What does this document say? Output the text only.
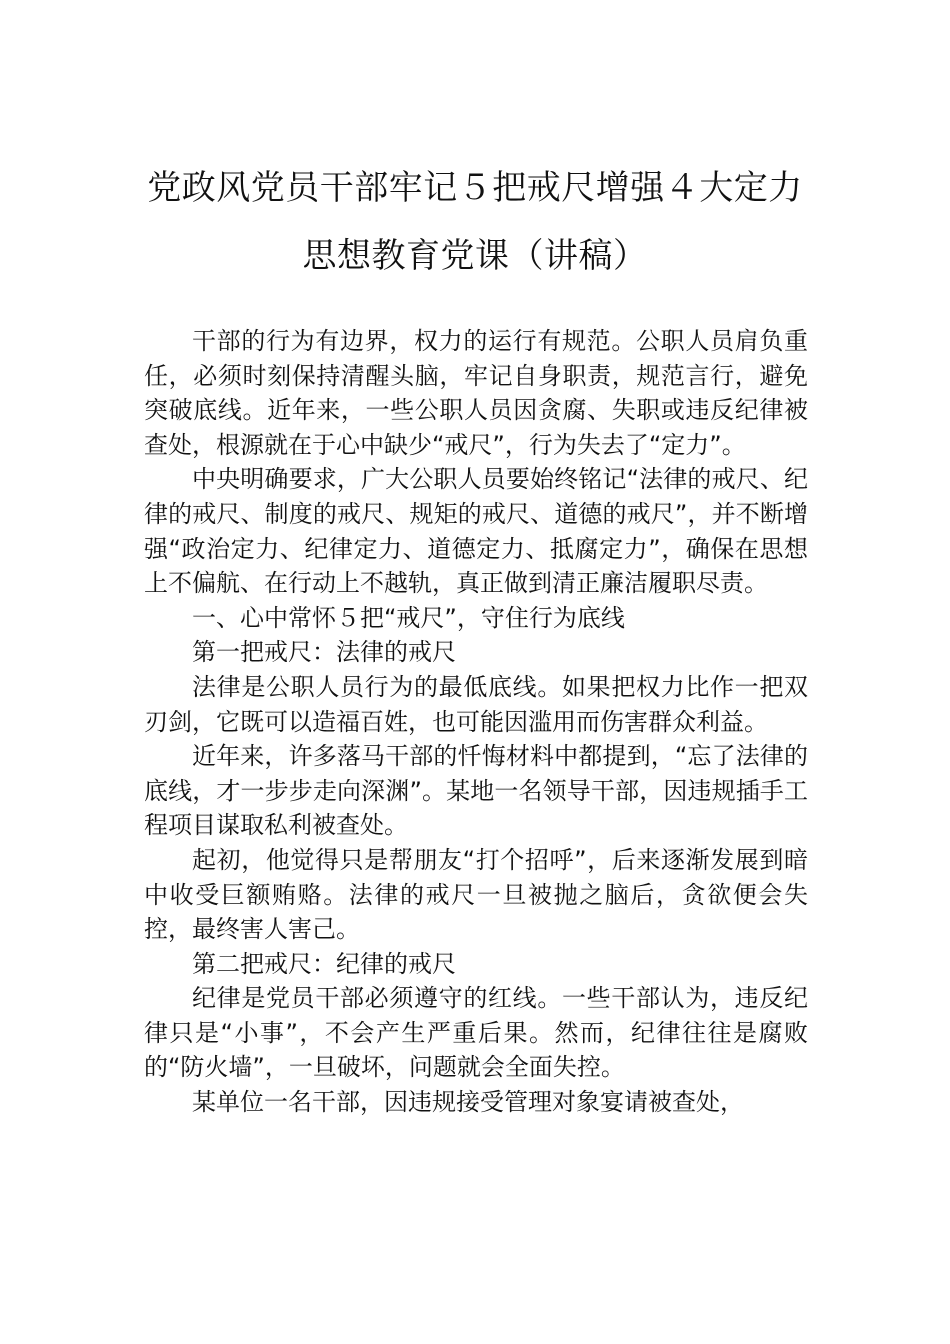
党政风党员干部牢记５把戒尺增强４大定力
思想教育党课（讲稿）

干部的行为有边界，权力的运行有规范。公职人员肩负重任，必须时刻保持清醒头脑，牢记自身职责，规范言行，避免突破底线。近年来，一些公职人员因贪腐、失职或违反纪律被查处，根源就在于心中缺少“戒尺”，行为失去了“定力”。

中央明确要求，广大公职人员要始终铭记“法律的戒尺、纪律的戒尺、制度的戒尺、规矩的戒尺、道德的戒尺”，并不断增强“政治定力、纪律定力、道德定力、抵腐定力”，确保在思想上不偏航、在行动上不越轨，真正做到清正廉洁履职尽责。

一、心中常怀５把“戒尺”，守住行为底线

第一把戒尺：法律的戒尺

法律是公职人员行为的最低底线。如果把权力比作一把双刃剑，它既可以造福百姓，也可能因滥用而伤害群众利益。

近年来，许多落马干部的忏悔材料中都提到，“忘了法律的底线，才一步步走向深渊”。某地一名领导干部，因违规插手工程项目谋取私利被查处。

起初，他觉得只是帮朋友“打个招呼”，后来逐渐发展到暗中收受巨额贿赂。法律的戒尺一旦被抛之脑后，贪欲便会失控，最终害人害己。

第二把戒尺：纪律的戒尺

纪律是党员干部必须遵守的红线。一些干部认为，违反纪律只是“小事”，不会产生严重后果。然而，纪律往往是腐败的“防火墙”，一旦破坏，问题就会全面失控。

某单位一名干部，因违规接受管理对象宴请被查处，
